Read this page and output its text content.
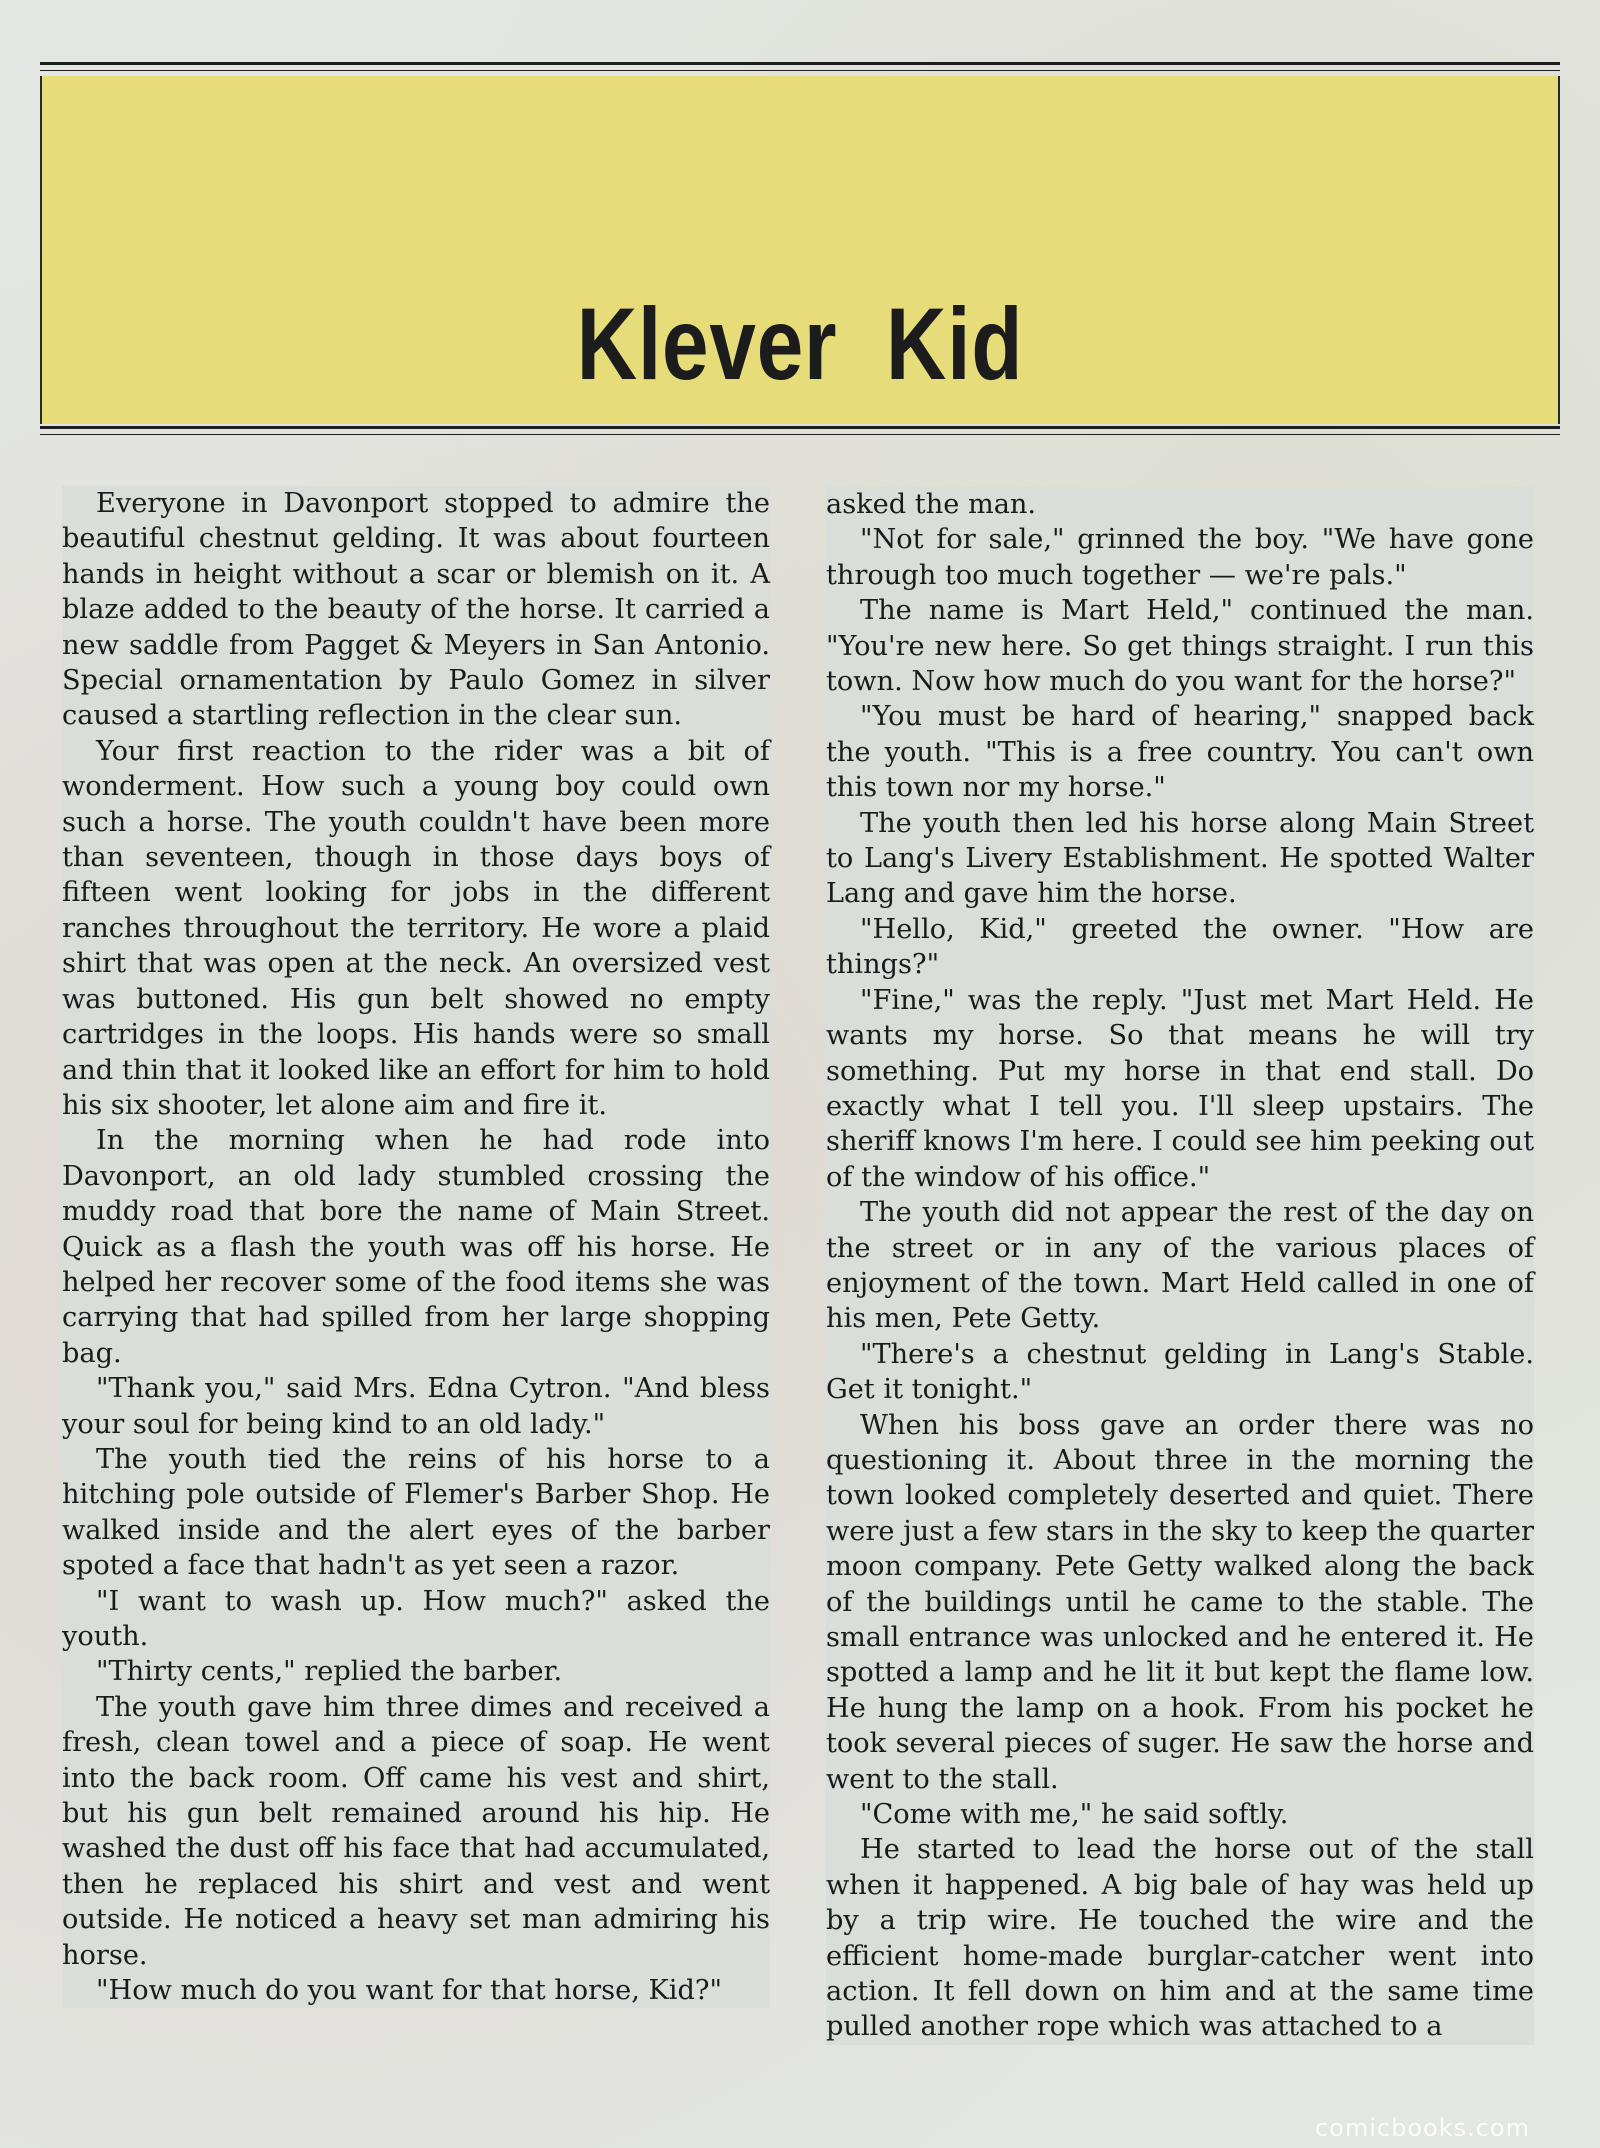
Klever Kid

Everyone in Davonport stopped to admire the beautiful chestnut gelding. It was about fourteen hands in height without a scar or blemish on it. A blaze added to the beauty of the horse. It carried a new saddle from Pagget & Meyers in San Antonio. Special ornamentation by Paulo Gomez in silver caused a startling reflection in the clear sun.

Your first reaction to the rider was a bit of wonderment. How such a young boy could own such a horse. The youth couldn't have been more than seventeen, though in those days boys of fifteen went looking for jobs in the different ranches throughout the territory. He wore a plaid shirt that was open at the neck. An oversized vest was buttoned. His gun belt showed no empty cartridges in the loops. His hands were so small and thin that it looked like an effort for him to hold his six shooter, let alone aim and fire it.

In the morning when he had rode into Davonport, an old lady stumbled crossing the muddy road that bore the name of Main Street. Quick as a flash the youth was off his horse. He helped her recover some of the food items she was carrying that had spilled from her large shopping bag.

"Thank you," said Mrs. Edna Cytron. "And bless your soul for being kind to an old lady."

The youth tied the reins of his horse to a hitching pole outside of Flemer's Barber Shop. He walked inside and the alert eyes of the barber spoted a face that hadn't as yet seen a razor.

"I want to wash up. How much?" asked the youth.

"Thirty cents," replied the barber.

The youth gave him three dimes and received a fresh, clean towel and a piece of soap. He went into the back room. Off came his vest and shirt, but his gun belt remained around his hip. He washed the dust off his face that had accumulated, then he replaced his shirt and vest and went outside. He noticed a heavy set man admiring his horse.

"How much do you want for that horse, Kid?"

asked the man.

"Not for sale," grinned the boy. "We have gone through too much together — we're pals."

The name is Mart Held," continued the man. "You're new here. So get things straight. I run this town. Now how much do you want for the horse?"

"You must be hard of hearing," snapped back the youth. "This is a free country. You can't own this town nor my horse."

The youth then led his horse along Main Street to Lang's Livery Establishment. He spotted Walter Lang and gave him the horse.

"Hello, Kid," greeted the owner. "How are things?"

"Fine," was the reply. "Just met Mart Held. He wants my horse. So that means he will try something. Put my horse in that end stall. Do exactly what I tell you. I'll sleep upstairs. The sheriff knows I'm here. I could see him peeking out of the window of his office."

The youth did not appear the rest of the day on the street or in any of the various places of enjoyment of the town. Mart Held called in one of his men, Pete Getty.

"There's a chestnut gelding in Lang's Stable. Get it tonight."

When his boss gave an order there was no questioning it. About three in the morning the town looked completely deserted and quiet. There were just a few stars in the sky to keep the quarter moon company. Pete Getty walked along the back of the buildings until he came to the stable. The small entrance was unlocked and he entered it. He spotted a lamp and he lit it but kept the flame low. He hung the lamp on a hook. From his pocket he took several pieces of suger. He saw the horse and went to the stall.

"Come with me," he said softly.

He started to lead the horse out of the stall when it happened. A big bale of hay was held up by a trip wire. He touched the wire and the efficient home-made burglar-catcher went into action. It fell down on him and at the same time pulled another rope which was attached to a

comicbooks.com
